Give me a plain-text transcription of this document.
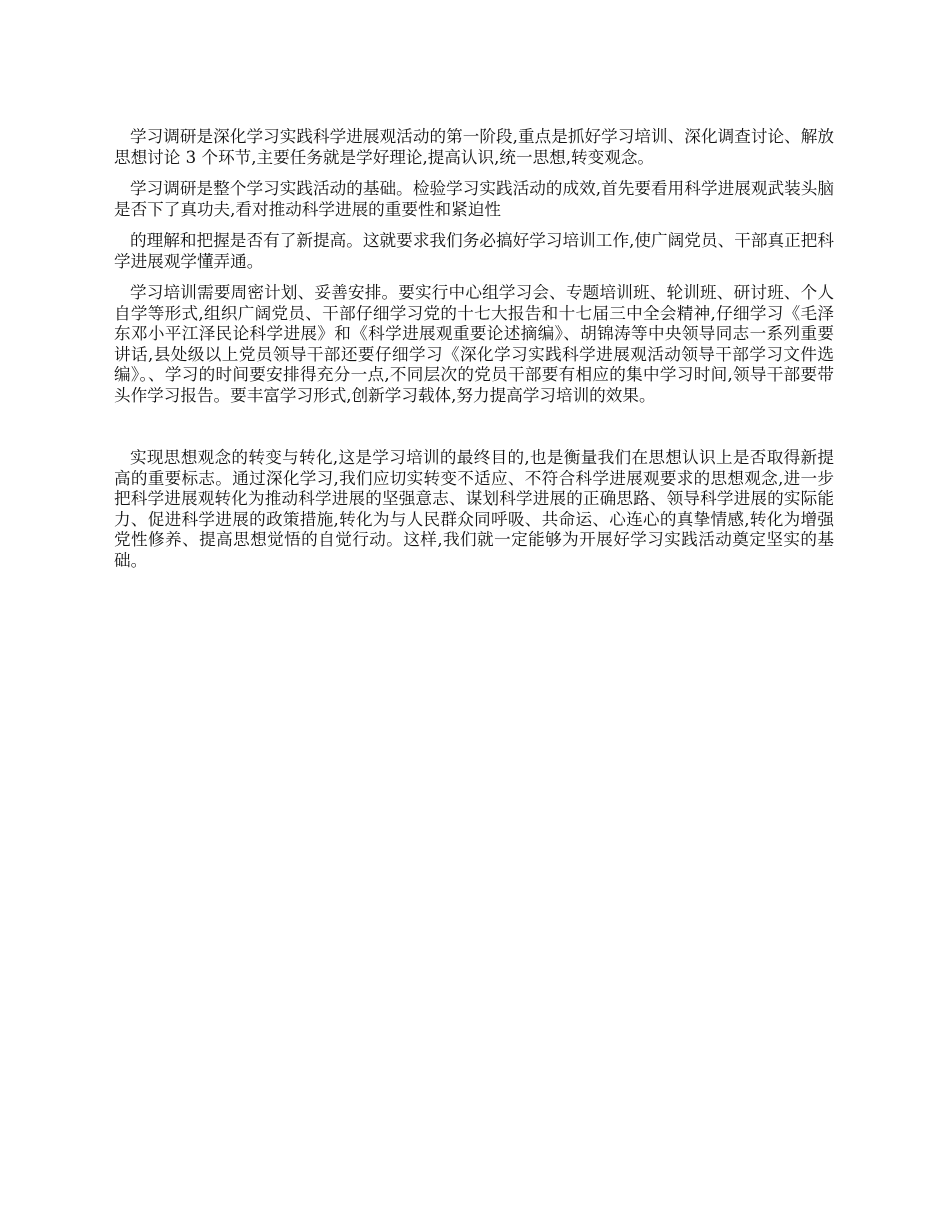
学习调研是深化学习实践科学进展观活动的第一阶段,重点是抓好学习培训、深化调查讨论、解放思想讨论 3 个环节,主要任务就是学好理论,提高认识,统一思想,转变观念。

学习调研是整个学习实践活动的基础。检验学习实践活动的成效,首先要看用科学进展观武装头脑是否下了真功夫,看对推动科学进展的重要性和紧迫性

的理解和把握是否有了新提高。这就要求我们务必搞好学习培训工作,使广阔党员、干部真正把科学进展观学懂弄通。

学习培训需要周密计划、妥善安排。要实行中心组学习会、专题培训班、轮训班、研讨班、个人自学等形式,组织广阔党员、干部仔细学习党的十七大报告和十七届三中全会精神,仔细学习《毛泽东邓小平江泽民论科学进展》和《科学进展观重要论述摘编》、胡锦涛等中央领导同志一系列重要讲话,县处级以上党员领导干部还要仔细学习《深化学习实践科学进展观活动领导干部学习文件选编》。、学习的时间要安排得充分一点,不同层次的党员干部要有相应的集中学习时间,领导干部要带头作学习报告。要丰富学习形式,创新学习载体,努力提高学习培训的效果。

实现思想观念的转变与转化,这是学习培训的最终目的,也是衡量我们在思想认识上是否取得新提高的重要标志。通过深化学习,我们应切实转变不适应、不符合科学进展观要求的思想观念,进一步把科学进展观转化为推动科学进展的坚强意志、谋划科学进展的正确思路、领导科学进展的实际能力、促进科学进展的政策措施,转化为与人民群众同呼吸、共命运、心连心的真挚情感,转化为增强党性修养、提高思想觉悟的自觉行动。这样,我们就一定能够为开展好学习实践活动奠定坚实的基础。
